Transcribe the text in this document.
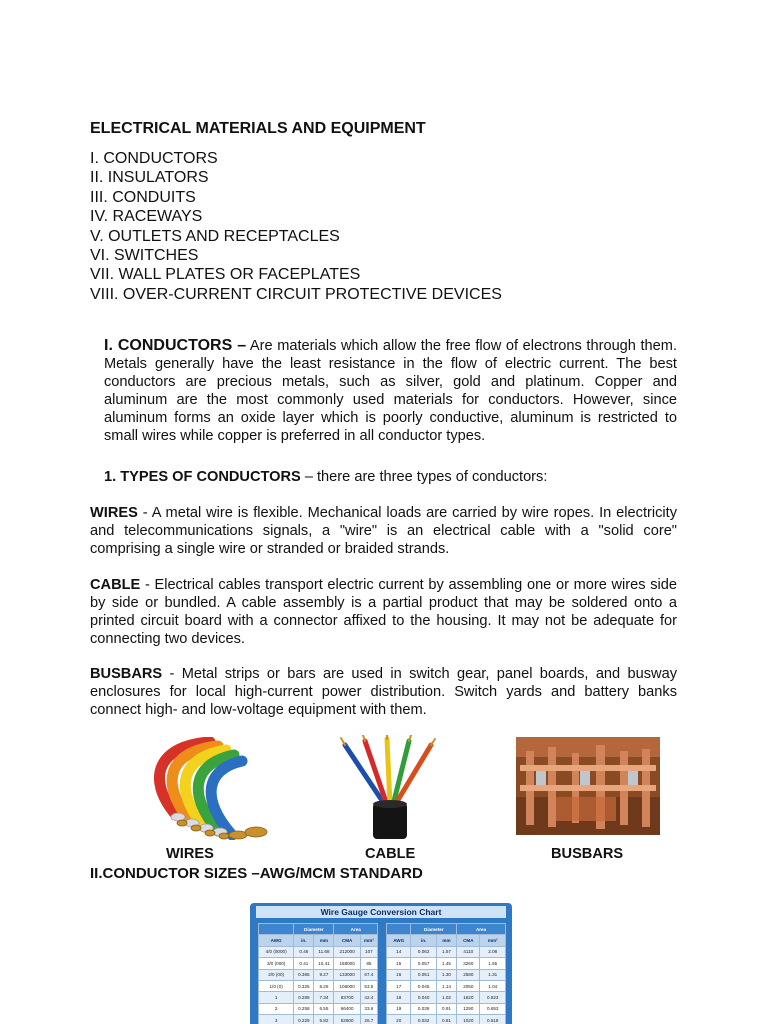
ELECTRICAL MATERIALS AND EQUIPMENT
I. CONDUCTORS
II. INSULATORS
III. CONDUITS
IV. RACEWAYS
V. OUTLETS AND RECEPTACLES
VI. SWITCHES
VII. WALL PLATES OR FACEPLATES
VIII. OVER-CURRENT CIRCUIT PROTECTIVE DEVICES

I. CONDUCTORS – Are materials which allow the free flow of electrons through them. Metals generally have the least resistance in the flow of electric current. The best conductors are precious metals, such as silver, gold and platinum. Copper and aluminum are the most commonly used materials for conductors. However, since aluminum forms an oxide layer which is poorly conductive, aluminum is restricted to small wires while copper is preferred in all conductor types.

1. TYPES OF CONDUCTORS – there are three types of conductors:

WIRES - A metal wire is flexible. Mechanical loads are carried by wire ropes. In electricity and telecommunications signals, a "wire" is an electrical cable with a "solid core" comprising a single wire or stranded or braided strands.

CABLE - Electrical cables transport electric current by assembling one or more wires side by side or bundled. A cable assembly is a partial product that may be soldered onto a printed circuit board with a connector affixed to the housing. It may not be adequate for connecting two devices.

BUSBARS - Metal strips or bars are used in switch gear, panel boards, and busway enclosures for local high-current power distribution. Switch yards and battery banks connect high- and low-voltage equipment with them.

WIRES	CABLE	BUSBARS
II.CONDUCTOR SIZES –AWG/MCM STANDARD
Wire Gauge Conversion Chart
	Diameter		Area	
AWG	in.	mm	CMA	mm²
4/0 (0000)	0.46	11.68	212000	107
3/0 (000)	0.41	10.41	168000	85
2/0 (00)	0.365	9.27	133000	67.4
1/0 (0)	0.325	8.25	106000	53.5
1	0.289	7.34	83700	42.4
2	0.258	6.55	66400	33.6
3	0.229	5.82	52600	26.7
	Diameter		Area	
AWG	in.	mm	CMA	mm²
14	0.062	1.57	4110	2.08
15	0.057	1.45	3260	1.65
16	0.051	1.30	2580	1.31
17	0.045	1.14	2050	1.04
18	0.040	1.02	1620	0.823
19	0.036	0.91	1290	0.653
20	0.032	0.81	1020	0.518
